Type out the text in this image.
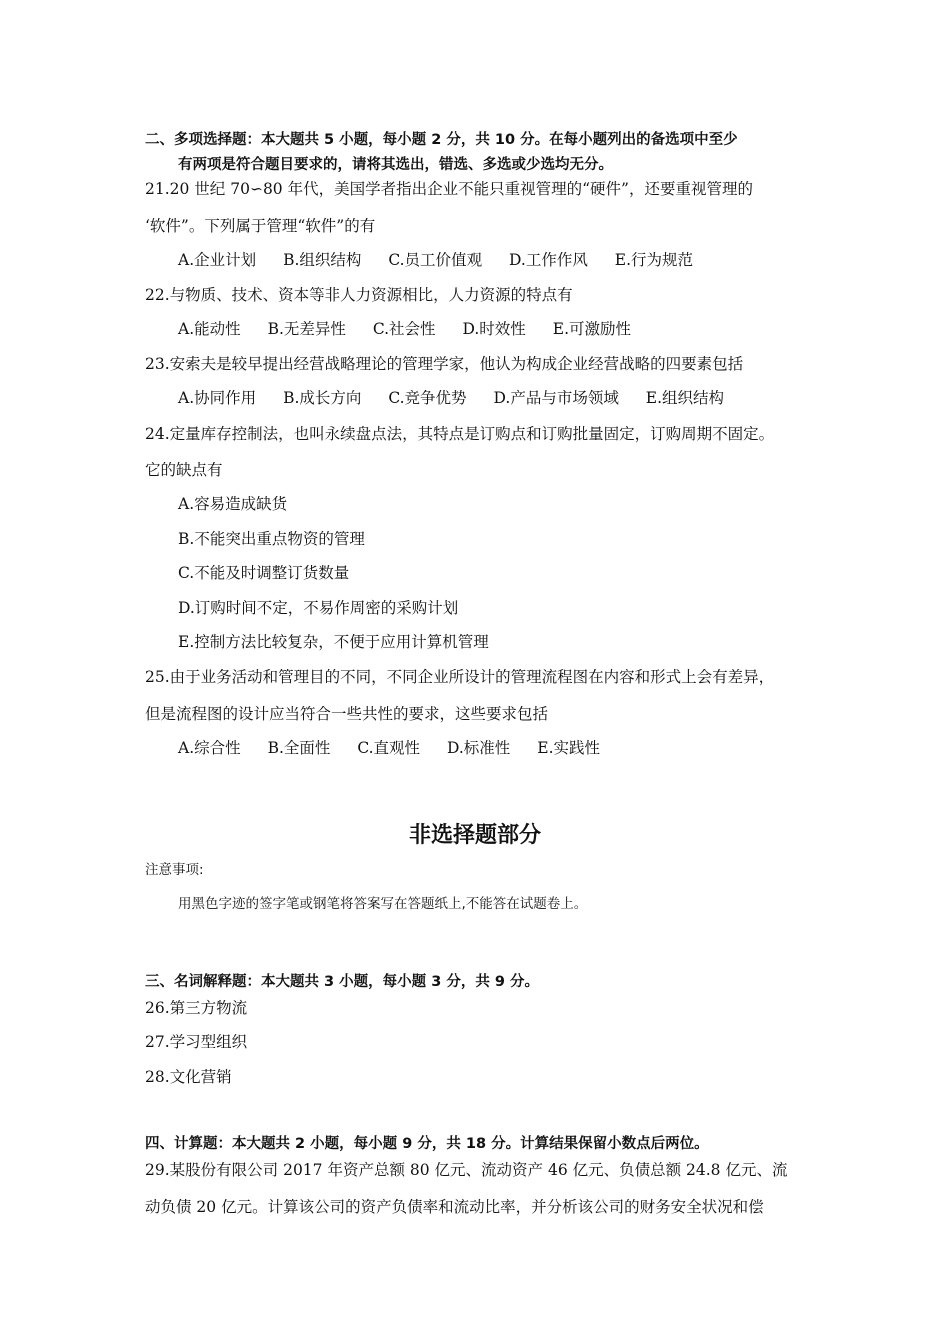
二、多项选择题：本大题共 5 小题，每小题 2 分，共 10 分。在每小题列出的备选项中至少
有两项是符合题目要求的，请将其选出，错选、多选或少选均无分。
21.20 世纪 70∽80 年代，美国学者指出企业不能只重视管理的“硬件”，还要重视管理的
‘软件”。下列属于管理“软件”的有
A.企业计划 B.组织结构 C.员工价值观 D.工作作风 E.行为规范
22.与物质、技术、资本等非人力资源相比，人力资源的特点有
A.能动性 B.无差异性 C.社会性 D.时效性 E.可激励性
23.安索夫是较早提出经营战略理论的管理学家，他认为构成企业经营战略的四要素包括
A.协同作用 B.成长方向 C.竞争优势 D.产品与市场领域 E.组织结构
24.定量库存控制法，也叫永续盘点法，其特点是订购点和订购批量固定，订购周期不固定。
它的缺点有
A.容易造成缺货
B.不能突出重点物资的管理
C.不能及时调整订货数量
D.订购时间不定，不易作周密的采购计划
E.控制方法比较复杂，不便于应用计算机管理
25.由于业务活动和管理目的不同，不同企业所设计的管理流程图在内容和形式上会有差异，
但是流程图的设计应当符合一些共性的要求，这些要求包括
A.综合性 B.全面性 C.直观性 D.标准性 E.实践性
非选择题部分
注意事项:
用黑色字迹的签字笔或钢笔将答案写在答题纸上,不能答在试题卷上。
三、名词解释题：本大题共 3 小题，每小题 3 分，共 9 分。
26.第三方物流
27.学习型组织
28.文化营销
四、计算题：本大题共 2 小题，每小题 9 分，共 18 分。计算结果保留小数点后两位。
29.某股份有限公司 2017 年资产总额 80 亿元、流动资产 46 亿元、负债总额 24.8 亿元、流
动负债 20 亿元。计算该公司的资产负债率和流动比率，并分析该公司的财务安全状况和偿
